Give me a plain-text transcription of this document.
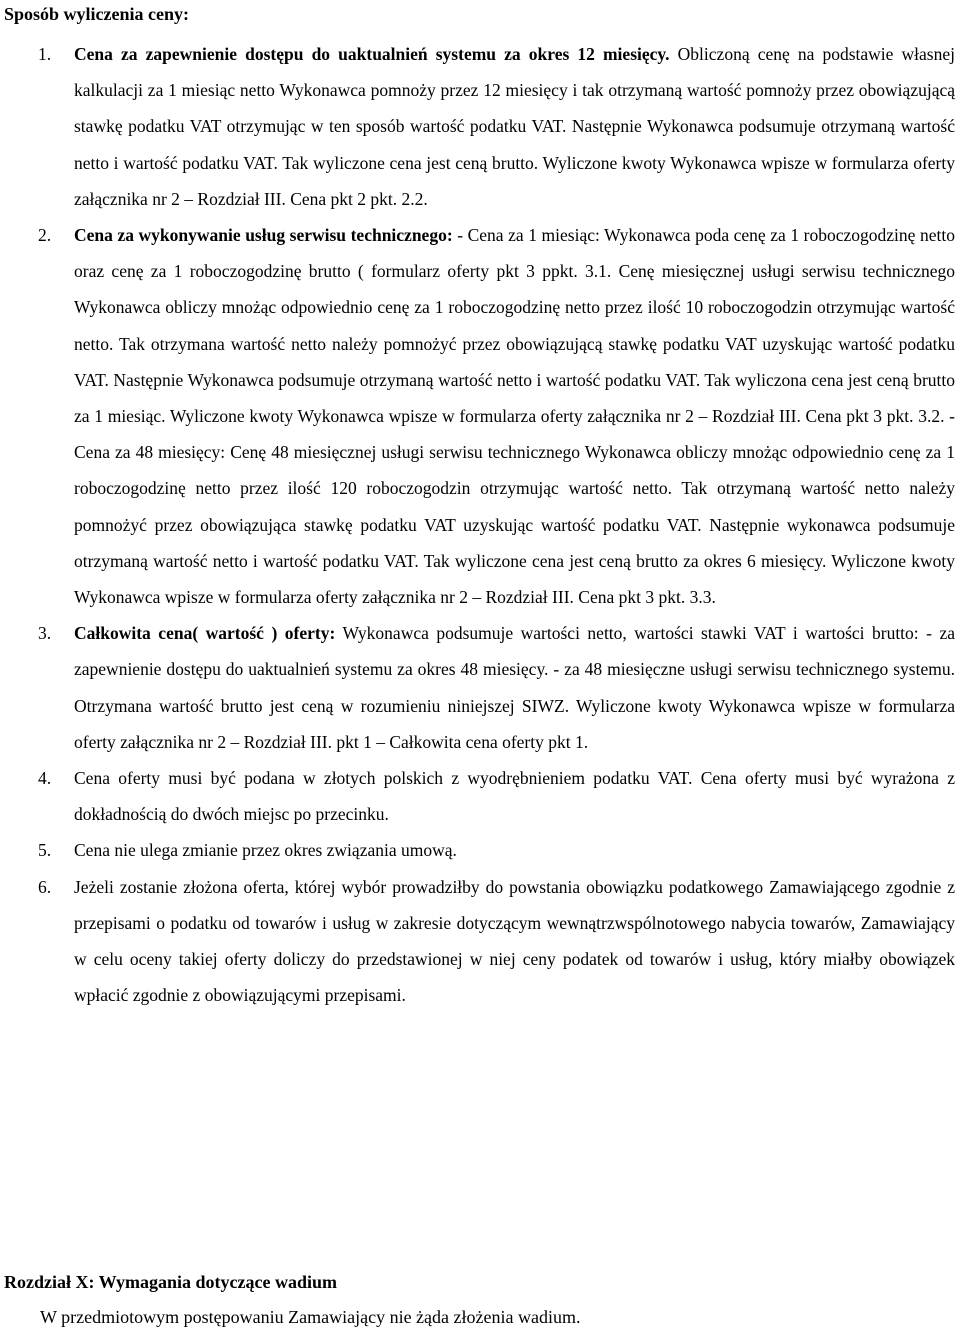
Sposób wyliczenia ceny:
1. Cena za zapewnienie dostępu do uaktualnień systemu za okres 12 miesięcy. Obliczoną cenę na podstawie własnej kalkulacji za 1 miesiąc netto Wykonawca pomnoży przez 12 miesięcy i tak otrzymaną wartość pomnoży przez obowiązującą stawkę podatku VAT otrzymując w ten sposób wartość podatku VAT. Następnie Wykonawca podsumuje otrzymaną wartość netto i wartość podatku VAT. Tak wyliczone cena jest ceną brutto. Wyliczone kwoty Wykonawca wpisze w formularza oferty załącznika nr 2 – Rozdział III. Cena pkt 2 pkt. 2.2.
2. Cena za wykonywanie usług serwisu technicznego: - Cena za 1 miesiąc: Wykonawca poda cenę za 1 roboczogodzinę netto oraz cenę za 1 roboczogodzinę brutto ( formularz oferty pkt 3 ppkt. 3.1. Cenę miesięcznej usługi serwisu technicznego Wykonawca obliczy mnożąc odpowiednio cenę za 1 roboczogodzinę netto przez ilość 10 roboczogodzin otrzymując wartość netto. Tak otrzymana wartość netto należy pomnożyć przez obowiązującą stawkę podatku VAT uzyskując wartość podatku VAT. Następnie Wykonawca podsumuje otrzymaną wartość netto i wartość podatku VAT. Tak wyliczona cena jest ceną brutto za 1 miesiąc. Wyliczone kwoty Wykonawca wpisze w formularza oferty załącznika nr 2 – Rozdział III. Cena pkt 3 pkt. 3.2. - Cena za 48 miesięcy: Cenę 48 miesięcznej usługi serwisu technicznego Wykonawca obliczy mnożąc odpowiednio cenę za 1 roboczogodzinę netto przez ilość 120 roboczogodzin otrzymując wartość netto. Tak otrzymaną wartość netto należy pomnożyć przez obowiązująca stawkę podatku VAT uzyskując wartość podatku VAT. Następnie wykonawca podsumuje otrzymaną wartość netto i wartość podatku VAT. Tak wyliczone cena jest ceną brutto za okres 6 miesięcy. Wyliczone kwoty Wykonawca wpisze w formularza oferty załącznika nr 2 – Rozdział III. Cena pkt 3 pkt. 3.3.
3. Całkowita cena( wartość ) oferty: Wykonawca podsumuje wartości netto, wartości stawki VAT i wartości brutto: - za zapewnienie dostępu do uaktualnień systemu za okres 48 miesięcy. - za 48 miesięczne usługi serwisu technicznego systemu. Otrzymana wartość brutto jest ceną w rozumieniu niniejszej SIWZ. Wyliczone kwoty Wykonawca wpisze w formularza oferty załącznika nr 2 – Rozdział III. pkt 1 – Całkowita cena oferty pkt 1.
4. Cena oferty musi być podana w złotych polskich z wyodrębnieniem podatku VAT. Cena oferty musi być wyrażona z dokładnością do dwóch miejsc po przecinku.
5. Cena nie ulega zmianie przez okres związania umową.
6. Jeżeli zostanie złożona oferta, której wybór prowadziłby do powstania obowiązku podatkowego Zamawiającego zgodnie z przepisami o podatku od towarów i usług w zakresie dotyczącym wewnątrzwspólnotowego nabycia towarów, Zamawiający w celu oceny takiej oferty doliczy do przedstawionej w niej ceny podatek od towarów i usług, który miałby obowiązek wpłacić zgodnie z obowiązującymi przepisami.
Rozdział X: Wymagania dotyczące wadium
W przedmiotowym postępowaniu Zamawiający nie żąda złożenia wadium.
